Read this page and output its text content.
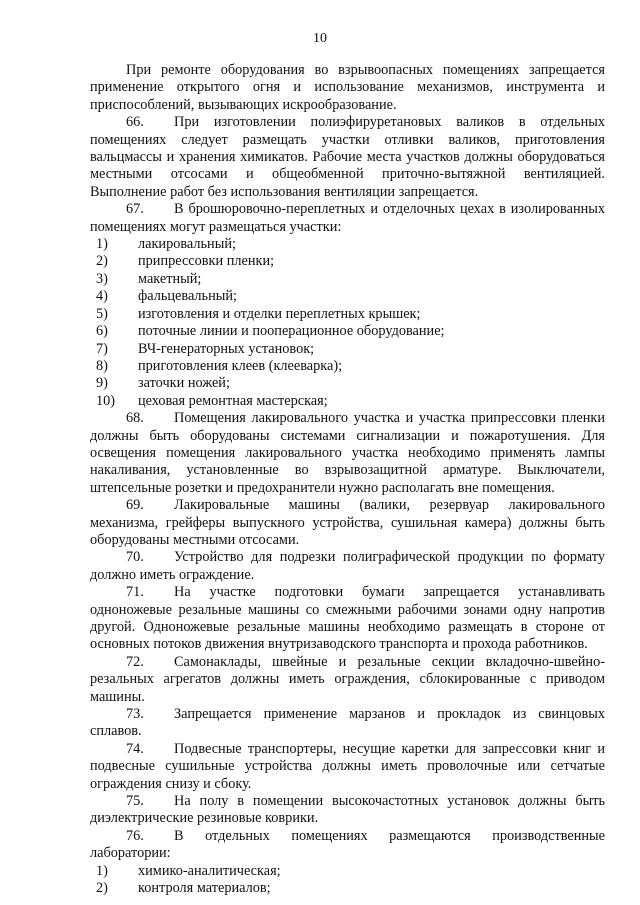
10

При ремонте оборудования во взрывоопасных помещениях запрещается применение открытого огня и использование механизмов, инструмента и приспособлений, вызывающих искрообразование.

66. При изготовлении полиэфируретановых валиков в отдельных помещениях следует размещать участки отливки валиков, приготовления вальцмассы и хранения химикатов. Рабочие места участков должны оборудоваться местными отсосами и общеобменной приточно-вытяжной вентиляцией. Выполнение работ без использования вентиляции запрещается.

67. В брошюровочно-переплетных и отделочных цехах в изолированных помещениях могут размещаться участки:

1)	лакировальный;
2)	припрессовки пленки;
3)	макетный;
4)	фальцевальный;
5)	изготовления и отделки переплетных крышек;
6)	поточные линии и пооперационное оборудование;
7)	ВЧ-генераторных установок;
8)	приготовления клеев (клееварка);
9)	заточки ножей;
10)	цеховая ремонтная мастерская;

68. Помещения лакировального участка и участка припрессовки пленки должны быть оборудованы системами сигнализации и пожаротушения. Для освещения помещения лакировального участка необходимо применять лампы накаливания, установленные во взрывозащитной арматуре. Выключатели, штепсельные розетки и предохранители нужно располагать вне помещения.

69. Лакировальные машины (валики, резервуар лакировального механизма, грейферы выпускного устройства, сушильная камера) должны быть оборудованы местными отсосами.

70. Устройство для подрезки полиграфической продукции по формату должно иметь ограждение.

71. На участке подготовки бумаги запрещается устанавливать одноножевые резальные машины со смежными рабочими зонами одну напротив другой. Одноножевые резальные машины необходимо размещать в стороне от основных потоков движения внутризаводского транспорта и прохода работников.

72. Самонаклады, швейные и резальные секции вкладочно-швейно-резальных агрегатов должны иметь ограждения, сблокированные с приводом машины.

73. Запрещается применение марзанов и прокладок из свинцовых сплавов.

74. Подвесные транспортеры, несущие каретки для запрессовки книг и подвесные сушильные устройства должны иметь проволочные или сетчатые ограждения снизу и сбоку.

75. На полу в помещении высокочастотных установок должны быть диэлектрические резиновые коврики.

76. В отдельных помещениях размещаются производственные лаборатории:

1)	химико-аналитическая;
2)	контроля материалов;
